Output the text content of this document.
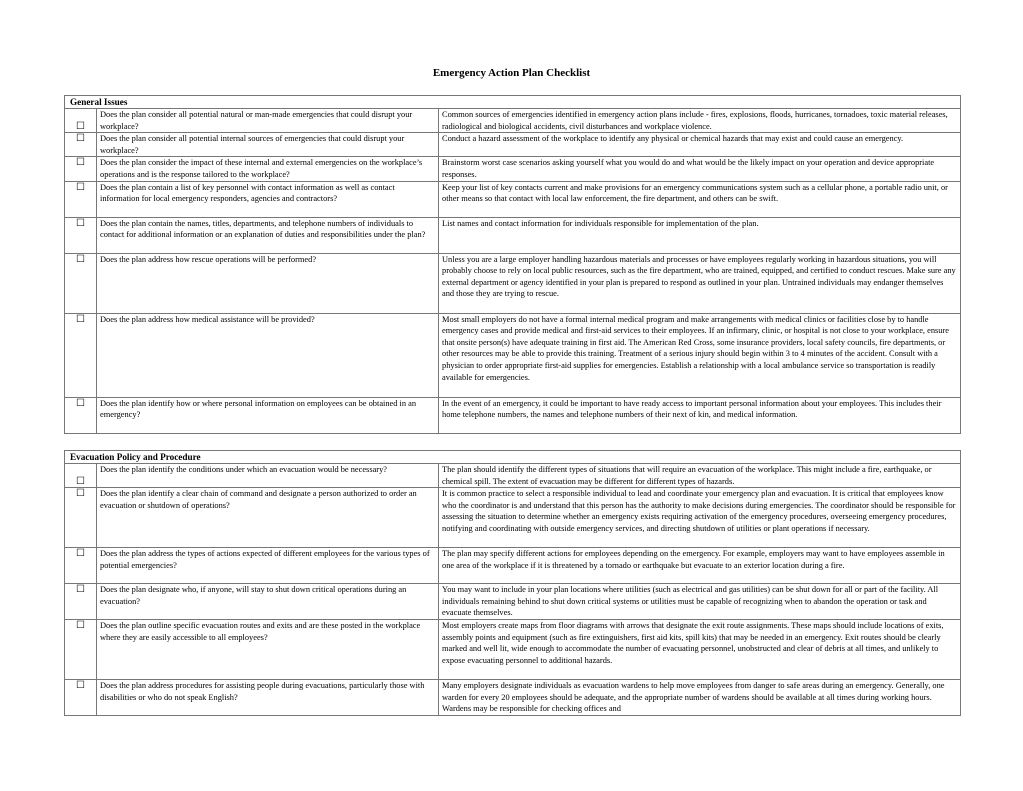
Emergency Action Plan Checklist
General Issues		
☐	Does the plan consider all potential natural or man-made emergencies that could disrupt your workplace?	Common sources of emergencies identified in emergency action plans include - fires, explosions, floods, hurricanes, tornadoes, toxic material releases, radiological and biological accidents, civil disturbances and workplace violence.
☐	Does the plan consider all potential internal sources of emergencies that could disrupt your workplace?	Conduct a hazard assessment of the workplace to identify any physical or chemical hazards that may exist and could cause an emergency.
☐	Does the plan consider the impact of these internal and external emergencies on the workplace’s operations and is the response tailored to the workplace?	Brainstorm worst case scenarios asking yourself what you would do and what would be the likely impact on your operation and device appropriate responses.
☐	Does the plan contain a list of key personnel with contact information as well as contact information for local emergency responders, agencies and contractors?	Keep your list of key contacts current and make provisions for an emergency communications system such as a cellular phone, a portable radio unit, or other means so that contact with local law enforcement, the fire department, and others can be swift.
☐	Does the plan contain the names, titles, departments, and telephone numbers of individuals to contact for additional information or an explanation of duties and responsibilities under the plan?	List names and contact information for individuals responsible for implementation of the plan.
☐	Does the plan address how rescue operations will be performed?	Unless you are a large employer handling hazardous materials and processes or have employees regularly working in hazardous situations, you will probably choose to rely on local public resources, such as the fire department, who are trained, equipped, and certified to conduct rescues. Make sure any external department or agency identified in your plan is prepared to respond as outlined in your plan. Untrained individuals may endanger themselves and those they are trying to rescue.
☐	Does the plan address how medical assistance will be provided?	Most small employers do not have a formal internal medical program and make arrangements with medical clinics or facilities close by to handle emergency cases and provide medical and first-aid services to their employees. If an infirmary, clinic, or hospital is not close to your workplace, ensure that onsite person(s) have adequate training in first aid. The American Red Cross, some insurance providers, local safety councils, fire departments, or other resources may be able to provide this training. Treatment of a serious injury should begin within 3 to 4 minutes of the accident. Consult with a physician to order appropriate first-aid supplies for emergencies. Establish a relationship with a local ambulance service so transportation is readily available for emergencies.
☐	Does the plan identify how or where personal information on employees can be obtained in an emergency?	In the event of an emergency, it could be important to have ready access to important personal information about your employees. This includes their home telephone numbers, the names and telephone numbers of their next of kin, and medical information.
Evacuation Policy and Procedure		
☐	Does the plan identify the conditions under which an evacuation would be necessary?	The plan should identify the different types of situations that will require an evacuation of the workplace. This might include a fire, earthquake, or chemical spill. The extent of evacuation may be different for different types of hazards.
☐	Does the plan identify a clear chain of command and designate a person authorized to order an evacuation or shutdown of operations?	It is common practice to select a responsible individual to lead and coordinate your emergency plan and evacuation. It is critical that employees know who the coordinator is and understand that this person has the authority to make decisions during emergencies. The coordinator should be responsible for assessing the situation to determine whether an emergency exists requiring activation of the emergency procedures, overseeing emergency procedures, notifying and coordinating with outside emergency services, and directing shutdown of utilities or plant operations if necessary.
☐	Does the plan address the types of actions expected of different employees for the various types of potential emergencies?	The plan may specify different actions for employees depending on the emergency. For example, employers may want to have employees assemble in one area of the workplace if it is threatened by a tornado or earthquake but evacuate to an exterior location during a fire.
☐	Does the plan designate who, if anyone, will stay to shut down critical operations during an evacuation?	You may want to include in your plan locations where utilities (such as electrical and gas utilities) can be shut down for all or part of the facility. All individuals remaining behind to shut down critical systems or utilities must be capable of recognizing when to abandon the operation or task and evacuate themselves.
☐	Does the plan outline specific evacuation routes and exits and are these posted in the workplace where they are easily accessible to all employees?	Most employers create maps from floor diagrams with arrows that designate the exit route assignments. These maps should include locations of exits, assembly points and equipment (such as fire extinguishers, first aid kits, spill kits) that may be needed in an emergency. Exit routes should be clearly marked and well lit, wide enough to accommodate the number of evacuating personnel, unobstructed and clear of debris at all times, and unlikely to expose evacuating personnel to additional hazards.
☐	Does the plan address procedures for assisting people during evacuations, particularly those with disabilities or who do not speak English?	Many employers designate individuals as evacuation wardens to help move employees from danger to safe areas during an emergency. Generally, one warden for every 20 employees should be adequate, and the appropriate number of wardens should be available at all times during working hours. Wardens may be responsible for checking offices and
